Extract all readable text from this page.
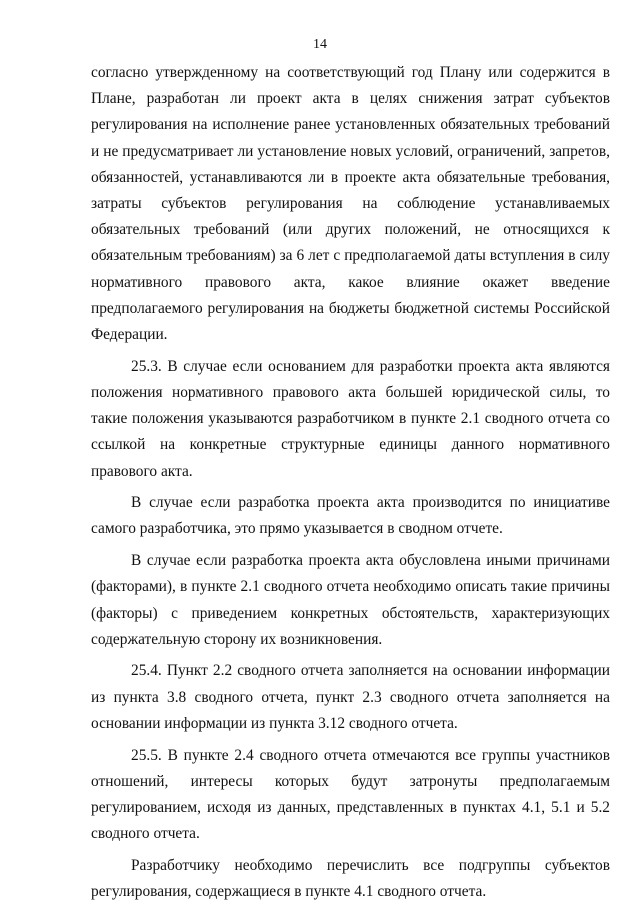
14

согласно утвержденному на соответствующий год Плану или содержится в Плане, разработан ли проект акта в целях снижения затрат субъектов регулирования на исполнение ранее установленных обязательных требований и не предусматривает ли установление новых условий, ограничений, запретов, обязанностей, устанавливаются ли в проекте акта обязательные требования, затраты субъектов регулирования на соблюдение устанавливаемых обязательных требований (или других положений, не относящихся к обязательным требованиям) за 6 лет с предполагаемой даты вступления в силу нормативного правового акта, какое влияние окажет введение предполагаемого регулирования на бюджеты бюджетной системы Российской Федерации.

25.3. В случае если основанием для разработки проекта акта являются положения нормативного правового акта большей юридической силы, то такие положения указываются разработчиком в пункте 2.1 сводного отчета со ссылкой на конкретные структурные единицы данного нормативного правового акта.

В случае если разработка проекта акта производится по инициативе самого разработчика, это прямо указывается в сводном отчете.

В случае если разработка проекта акта обусловлена иными причинами (факторами), в пункте 2.1 сводного отчета необходимо описать такие причины (факторы) с приведением конкретных обстоятельств, характеризующих содержательную сторону их возникновения.

25.4. Пункт 2.2 сводного отчета заполняется на основании информации из пункта 3.8 сводного отчета, пункт 2.3 сводного отчета заполняется на основании информации из пункта 3.12 сводного отчета.

25.5. В пункте 2.4 сводного отчета отмечаются все группы участников отношений, интересы которых будут затронуты предполагаемым регулированием, исходя из данных, представленных в пунктах 4.1, 5.1 и 5.2 сводного отчета.

Разработчику необходимо перечислить все подгруппы субъектов регулирования, содержащиеся в пункте 4.1 сводного отчета.
